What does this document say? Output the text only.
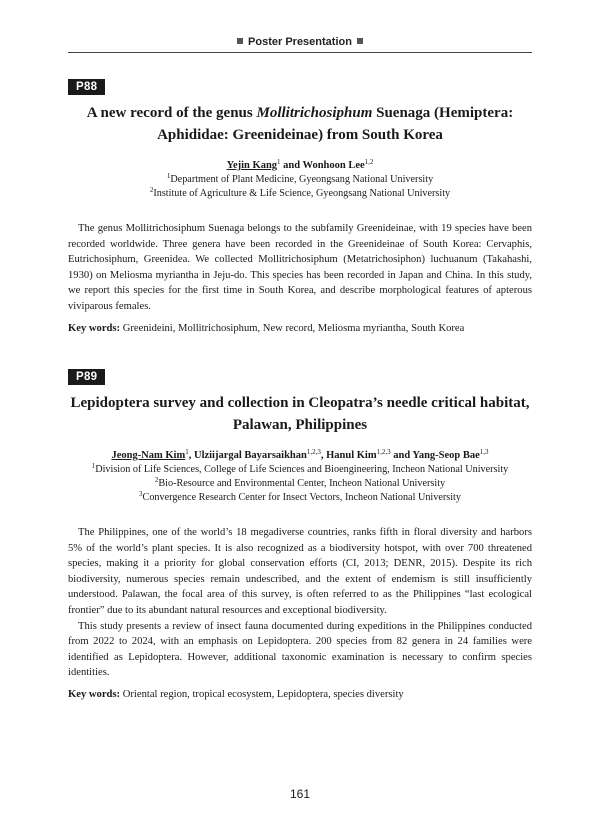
Poster Presentation
P88
A new record of the genus Mollitrichosiphum Suenaga (Hemiptera: Aphididae: Greenideinae) from South Korea
Yejin Kang$^1$ and Wonhoon Lee$^{1,2}$
$^1$Department of Plant Medicine, Gyeongsang National University
$^2$Institute of Agriculture & Life Science, Gyeongsang National University

The genus Mollitrichosiphum Suenaga belongs to the subfamily Greenideinae, with 19 species have been recorded worldwide. Three genera have been recorded in the Greenideinae of South Korea: Cervaphis, Eutrichosiphum, Greenidea. We collected Mollitrichosiphum (Metatrichosiphon) luchuanum (Takahashi, 1930) on Meliosma myriantha in Jeju-do. This species has been recorded in Japan and China. In this study, we report this species for the first time in South Korea, and describe morphological features of apterous viviparous females.

Key words: Greenideini, Mollitrichosiphum, New record, Meliosma myriantha, South Korea
P89
Lepidoptera survey and collection in Cleopatra’s needle critical habitat, Palawan, Philippines
Jeong-Nam Kim$^1$, Ulziijargal Bayarsaikhan$^{1,2,3}$, Hanul Kim$^{1,2,3}$ and Yang-Seop Bae$^{1,3}$
$^1$Division of Life Sciences, College of Life Sciences and Bioengineering, Incheon National University
$^2$Bio-Resource and Environmental Center, Incheon National University
$^3$Convergence Research Center for Insect Vectors, Incheon National University

The Philippines, one of the world’s 18 megadiverse countries, ranks fifth in floral diversity and harbors 5% of the world’s plant species. It is also recognized as a biodiversity hotspot, with over 700 threatened species, making it a priority for global conservation efforts (CI, 2013; DENR, 2015). Despite its rich biodiversity, numerous species remain undescribed, and the extent of endemism is still insufficiently understood. Palawan, the focal area of this survey, is often referred to as the Philippines “last ecological frontier” due to its abundant natural resources and exceptional biodiversity.

This study presents a review of insect fauna documented during expeditions in the Philippines conducted from 2022 to 2024, with an emphasis on Lepidoptera. 200 species from 82 genera in 24 families were identified as Lepidoptera. However, additional taxonomic examination is necessary to confirm species identities.

Key words: Oriental region, tropical ecosystem, Lepidoptera, species diversity
161
